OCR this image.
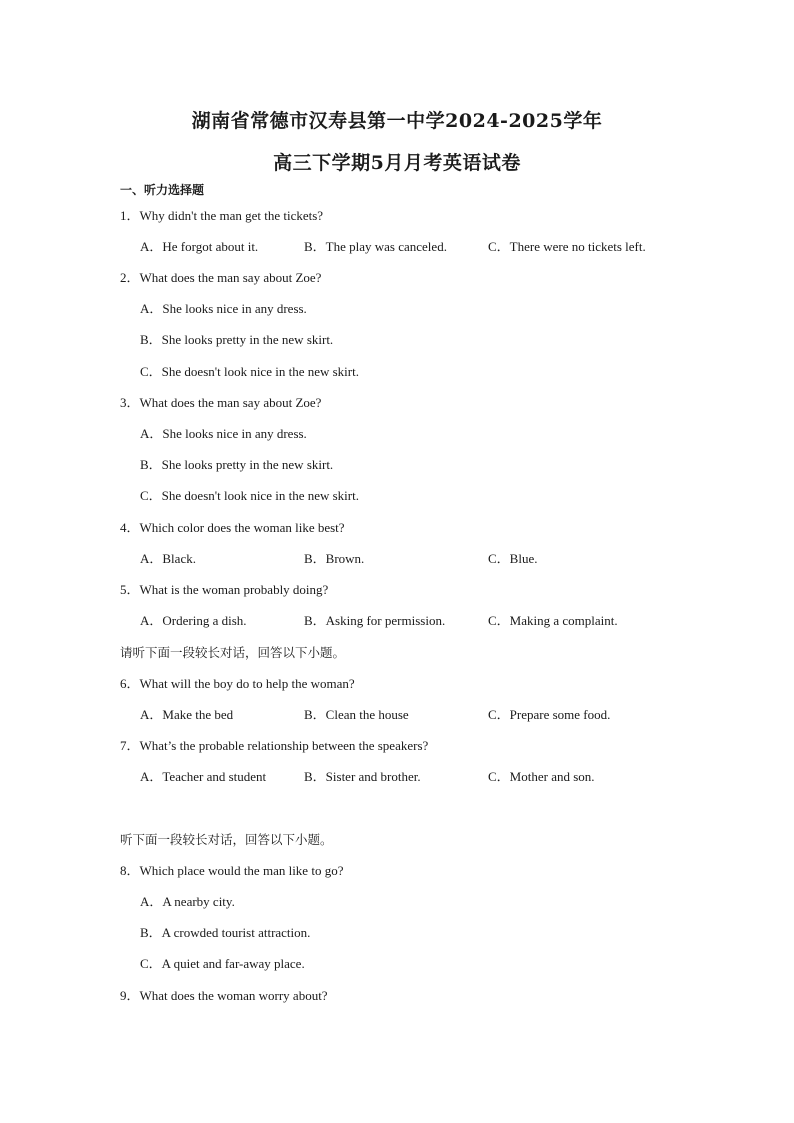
湖南省常德市汉寿县第一中学2024-2025学年
高三下学期5月月考英语试卷
一、听力选择题
1．Why didn't the man get the tickets?
A．He forgot about it.	B．The play was canceled.	C．There were no tickets left.
2．What does the man say about Zoe?
A．She looks nice in any dress.
B．She looks pretty in the new skirt.
C．She doesn't look nice in the new skirt.
3．What does the man say about Zoe?
A．She looks nice in any dress.
B．She looks pretty in the new skirt.
C．She doesn't look nice in the new skirt.
4．Which color does the woman like best?
A．Black.	B．Brown.	C．Blue.
5．What is the woman probably doing?
A．Ordering a dish.	B．Asking for permission.	C．Making a complaint.
请听下面一段较长对话，回答以下小题。
6．What will the boy do to help the woman?
A．Make the bed	B．Clean the house	C．Prepare some food.
7．What’s the probable relationship between the speakers?
A．Teacher and student	B．Sister and brother.	C．Mother and son.
听下面一段较长对话，回答以下小题。
8．Which place would the man like to go?
A．A nearby city.
B．A crowded tourist attraction.
C．A quiet and far-away place.
9．What does the woman worry about?
